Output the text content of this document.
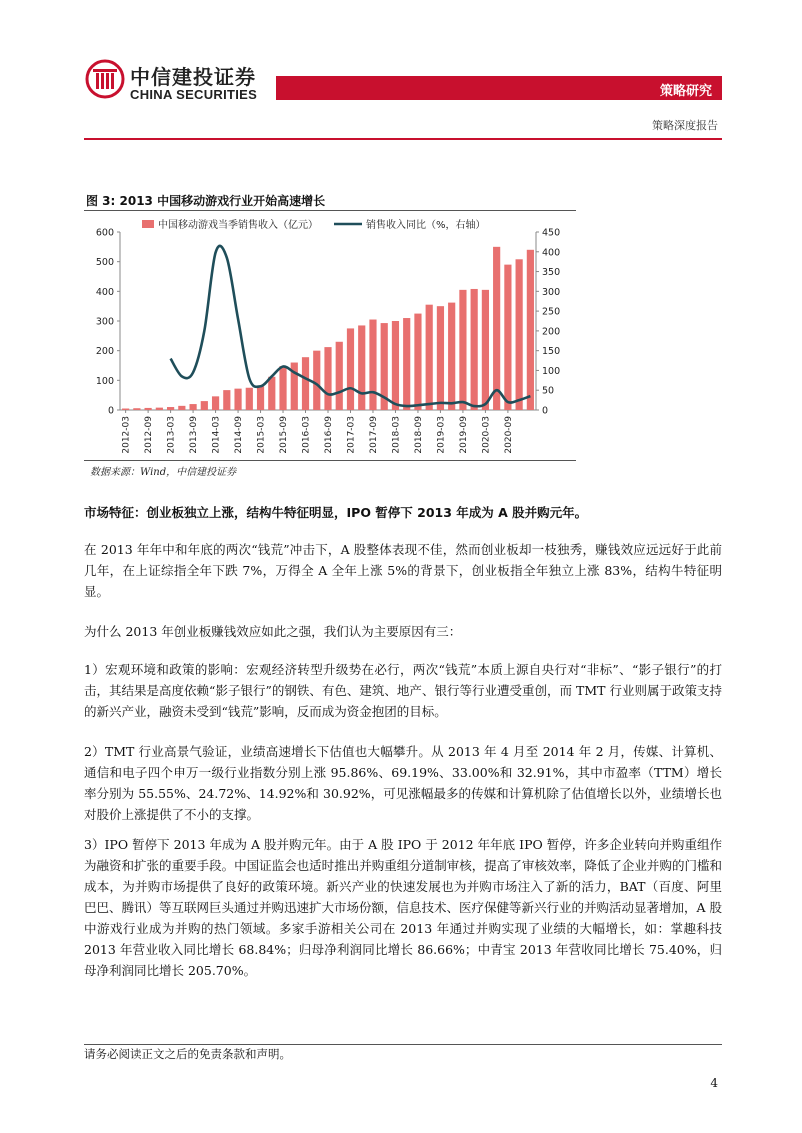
中信建投证券
CHINA SECURITIES	策略研究
策略深度报告
图 3: 2013 中国移动游戏行业开始高速增长
0
100
200
300
400
500
600
0
50
100
150
200
250
300
350
400
450
2012-03 2012-09 2013-03 2013-09 2014-03 2014-09 2015-03 2015-09 2016-03 2016-09 2017-03 2017-09 2018-03 2018-09 2019-03 2019-09 2020-03 2020-09
中国移动游戏当季销售收入（亿元）	销售收入同比（%，右轴）
数据来源：Wind，中信建投证券
市场特征：创业板独立上涨，结构牛特征明显，IPO 暂停下 2013 年成为 A 股并购元年。
在 2013 年年中和年底的两次“钱荒”冲击下，A 股整体表现不佳，然而创业板却一枝独秀，赚钱效应远远好于此前几年，在上证综指全年下跌 7%，万得全 A 全年上涨 5%的背景下，创业板指全年独立上涨 83%，结构牛特征明显。
为什么 2013 年创业板赚钱效应如此之强，我们认为主要原因有三：
1）宏观环境和政策的影响：宏观经济转型升级势在必行，两次“钱荒”本质上源自央行对“非标”、“影子银行”的打击，其结果是高度依赖“影子银行”的钢铁、有色、建筑、地产、银行等行业遭受重创，而 TMT 行业则属于政策支持的新兴产业，融资未受到“钱荒”影响，反而成为资金抱团的目标。
2）TMT 行业高景气验证，业绩高速增长下估值也大幅攀升。从 2013 年 4 月至 2014 年 2 月，传媒、计算机、通信和电子四个申万一级行业指数分别上涨 95.86%、69.19%、33.00%和 32.91%，其中市盈率（TTM）增长率分别为 55.55%、24.72%、14.92%和 30.92%，可见涨幅最多的传媒和计算机除了估值增长以外，业绩增长也对股价上涨提供了不小的支撑。
3）IPO 暂停下 2013 年成为 A 股并购元年。由于 A 股 IPO 于 2012 年年底 IPO 暂停，许多企业转向并购重组作为融资和扩张的重要手段。中国证监会也适时推出并购重组分道制审核，提高了审核效率，降低了企业并购的门槛和成本，为并购市场提供了良好的政策环境。新兴产业的快速发展也为并购市场注入了新的活力，BAT（百度、阿里巴巴、腾讯）等互联网巨头通过并购迅速扩大市场份额，信息技术、医疗保健等新兴行业的并购活动显著增加，A 股中游戏行业成为并购的热门领域。多家手游相关公司在 2013 年通过并购实现了业绩的大幅增长，如：掌趣科技 2013 年营业收入同比增长 68.84%；归母净利润同比增长 86.66%；中青宝 2013 年营收同比增长 75.40%，归母净利润同比增长 205.70%。
请务必阅读正文之后的免责条款和声明。
4
